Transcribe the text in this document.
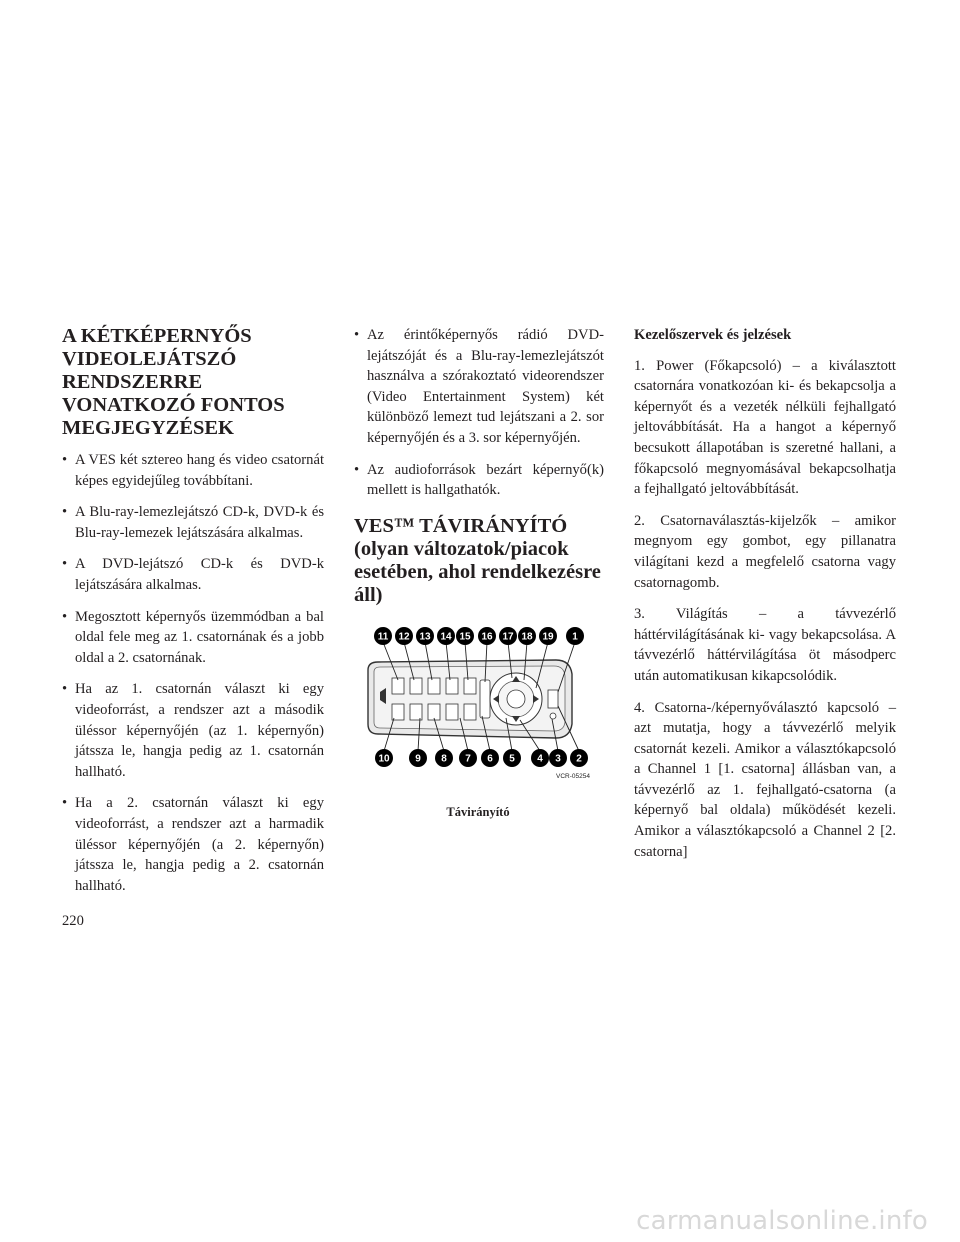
A KÉTKÉPERNYŐS VIDEOLEJÁTSZÓ RENDSZERRE VONATKOZÓ FONTOS MEGJEGYZÉSEK
• A VES két sztereo hang és video csatornát képes egyidejűleg továbbítani.
• A Blu-ray-lemezlejátszó CD-k, DVD-k és Blu-ray-lemezek lejátszására alkalmas.
• A DVD-lejátszó CD-k és DVD-k lejátszására alkalmas.
• Megosztott képernyős üzemmódban a bal oldal fele meg az 1. csatornának és a jobb oldal a 2. csatornának.
• Ha az 1. csatornán választ ki egy videoforrást, a rendszer azt a második üléssor képernyőjén (az 1. képernyőn) játssza le, hangja pedig az 1. csatornán hallható.
• Ha a 2. csatornán választ ki egy videoforrást, a rendszer azt a harmadik üléssor képernyőjén (a 2. képernyőn) játssza le, hangja pedig a 2. csatornán hallható.
• Az érintőképernyős rádió DVD-lejátszóját és a Blu-ray-lemezlejátszót használva a szórakoztató videorendszer (Video Entertainment System) két különböző lemezt tud lejátszani a 2. sor képernyőjén és a 3. sor képernyőjén.
• Az audioforrások bezárt képernyő(k) mellett is hallgathatók.
VES™ TÁVIRÁNYÍTÓ (olyan változatok/piacok esetében, ahol rendelkezésre áll)
11 12 13 14 15 16 17 18 19 1
10	9 8 7 6 5 4 3 2
VCR-05254
Távirányító
Kezelőszervek és jelzések

1. Power (Főkapcsoló) – a kiválasztott csatornára vonatkozóan ki- és bekapcsolja a képernyőt és a vezeték nélküli fejhallgató jeltovábbítását. Ha a hangot a képernyő becsukott állapotában is szeretné hallani, a főkapcsoló megnyomásával bekapcsolhatja a fejhallgató jeltovábbítását.

2. Csatornaválasztás-kijelzők – amikor megnyom egy gombot, egy pillanatra világítani kezd a megfelelő csatorna vagy csatornagomb.

3. Világítás – a távvezérlő háttérvilágításának ki- vagy bekapcsolása. A távvezérlő háttérvilágítása öt másodperc után automatikusan kikapcsolódik.

4. Csatorna-/képernyőválasztó kapcsoló – azt mutatja, hogy a távvezérlő melyik csatornát kezeli. Amikor a választókapcsoló a Channel 1 [1. csatorna] állásban van, a távvezérlő az 1. fejhallgató-csatorna (a képernyő bal oldala) működését kezeli. Amikor a választókapcsoló a Channel 2 [2. csatorna]

220
carmanualsonline.info
